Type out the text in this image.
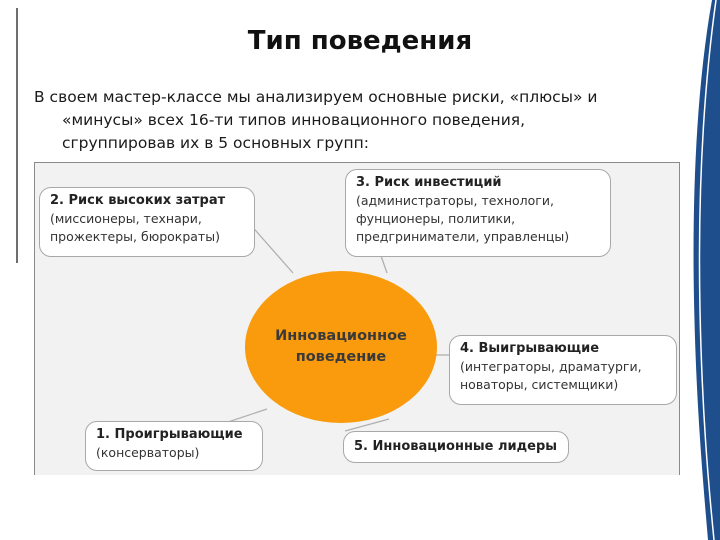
Тип поведения
В своем мастер-классе мы анализируем основные риски, «плюсы» и
«минусы» всех 16-ти типов инновационного поведения,
сгруппировав их в 5 основных групп:
Инновационное
поведение
2. Риск высоких затрат
(миссионеры, технари,
прожектеры, бюрократы)
3. Риск инвестиций
(администраторы, технологи,
фунционеры, политики,
предгриниматели, управленцы)
4. Выигрывающие
(интеграторы, драматурги,
новаторы, системщики)
1. Проигрывающие
(консерваторы)	5. Инновационные лидеры
